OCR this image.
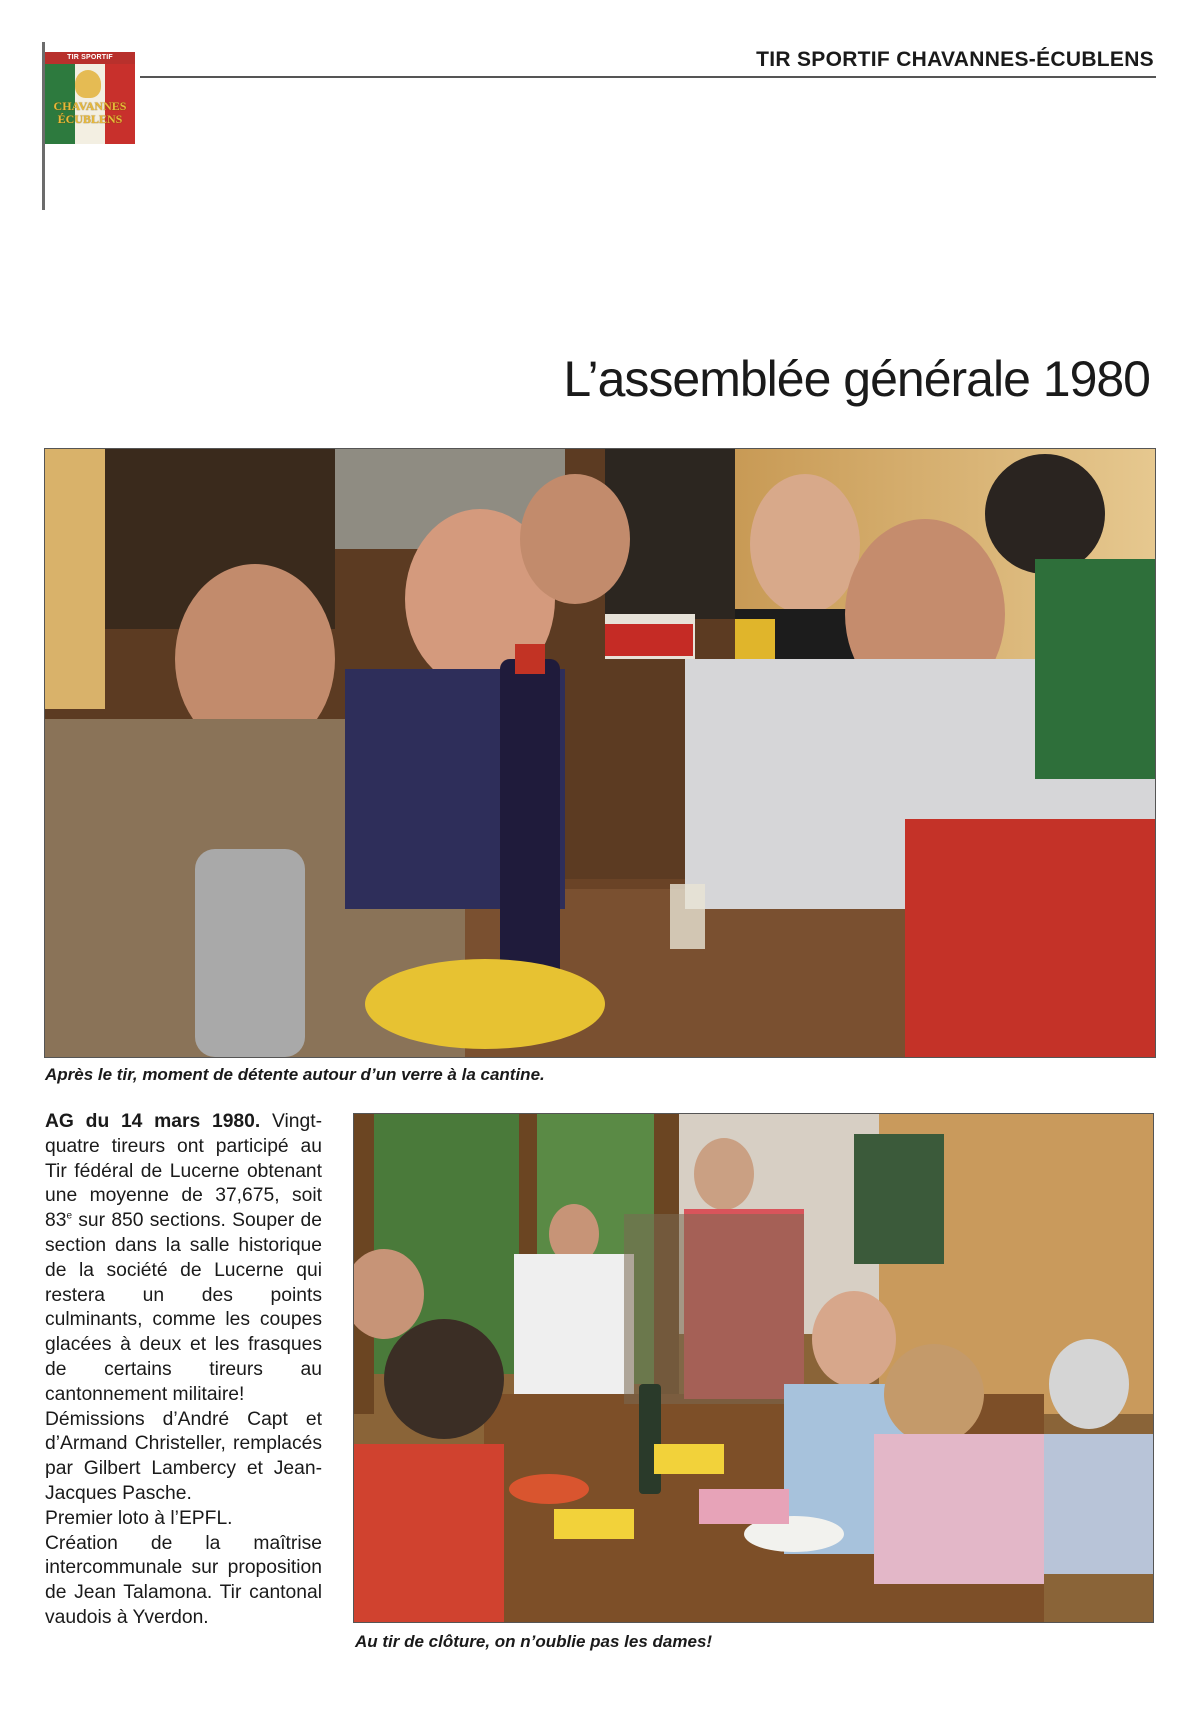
TIR SPORTIF
CHAVANNES
ÉCUBLENS
TIR SPORTIF CHAVANNES-ÉCUBLENS
L’assemblée générale 1980
Après le tir, moment de détente autour d’un verre à la cantine.

AG du 14 mars 1980. Vingt-quatre tireurs ont participé au Tir fédéral de Lucerne obtenant une moyenne de 37,675, soit 83e sur 850 sections. Souper de section dans la salle historique de la société de Lucerne qui restera un des points culminants, comme les coupes glacées à deux et les frasques de certains tireurs au cantonnement militaire!

Démissions d’André Capt et d’Armand Christeller, remplacés par Gilbert Lambercy et Jean-Jacques Pasche.

Premier loto à l’EPFL.

Création de la maîtrise intercommunale sur proposition de Jean Talamona. Tir cantonal vaudois à Yverdon.

Au tir de clôture, on n’oublie pas les dames!
